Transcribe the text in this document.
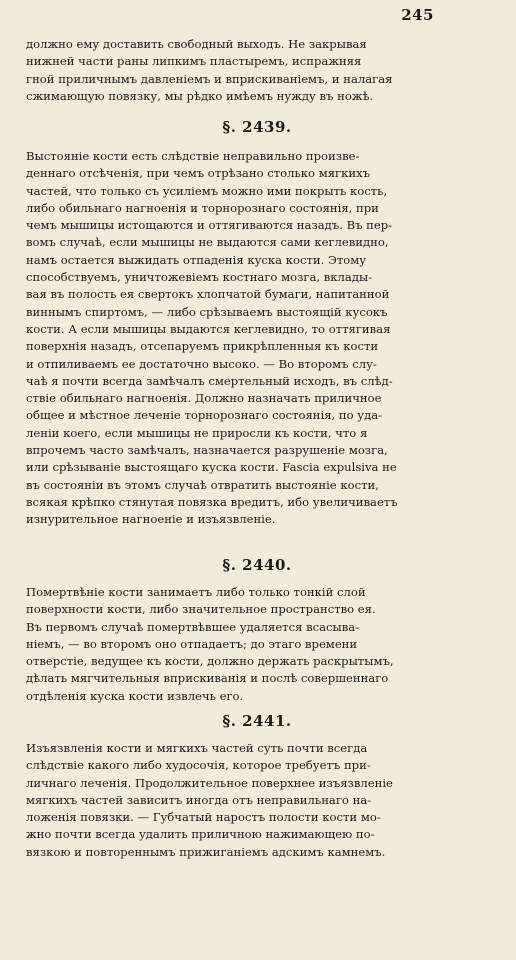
245
должно ему доставить свободный выходъ. Не закрывая
нижней части раны липкимъ пластыремъ, испражняя
гной приличнымъ давленiемъ и вприскиванiемъ, и налагая
сжимающую повязку, мы рѣдко имѣемъ нужду въ ножѣ.
§. 2439.
Выстоянiе кости есть слѣдствiе неправильно произве-
деннаго отсѣченiя, при чемъ отрѣзано столько мягкихъ
частей, что только съ усилiемъ можно ими покрыть кость,
либо обильнаго нагноенiя и торнорознаго состоянiя, при
чемъ мышицы истощаются и оттягиваются назадъ. Въ пер-
вомъ случаѣ, если мышицы не выдаются сами кеглевидно,
намъ остается выжидать отпаденiя куска кости. Этому
способствуемъ, уничтожевiемъ костнаго мозга, вклады-
вая въ полость ея свертокъ хлопчатой бумаги, напитанной
виннымъ спиртомъ, — либо срѣзываемъ выстоящiй кусокъ
кости. А если мышицы выдаются кеглевидно, то оттягивая
поверхнiя назадъ, отсепаруемъ прикрѣпленныя къ кости
и отпиливаемъ ее достаточно высоко. — Во второмъ слу-
чаѣ я почти всегда замѣчалъ смертельный исходъ, въ слѣд-
ствiе обильнаго нагноенiя. Должно назначать приличное
общее и мѣстное леченiе торнорознаго состоянiя, по уда-
ленiи коего, если мышицы не приросли къ кости, что я
впрочемъ часто замѣчалъ, назначается разрушенiе мозга,
или срѣзыванiе выстоящаго куска кости. Fascia expulsiva не
въ состоянiи въ этомъ случаѣ отвратить выстоянiе кости,
всякая крѣпко стянутая повязка вредитъ, ибо увеличиваетъ
изнурительное нагноенiе и изъязвленiе.
§. 2440.
Помертвѣнiе кости занимаетъ либо только тонкiй слой
поверхности кости, либо значительное пространство ея.
Въ первомъ случаѣ помертвѣвшее удаляется всасыва-
нiемъ, — во второмъ оно отпадаетъ; до этаго времени
отверстiе, ведущее къ кости, должно держать раскрытымъ,
дѣлать мягчительныя вприскиванiя и послѣ совершеннаго
отдѣленiя куска кости извлечь его.
§. 2441.
Изъязвленiя кости и мягкихъ частей суть почти всегда
слѣдствiе какого либо худосочiя, которое требуетъ при-
личнаго леченiя. Продолжительное поверхнее изъязвленiе
мягкихъ частей зависитъ иногда отъ неправильнаго на-
ложенiя повязки. — Губчатый наростъ полости кости мо-
жно почти всегда удалить приличною нажимающею по-
вязкою и повтореннымъ прижиганiемъ адскимъ камнемъ.
